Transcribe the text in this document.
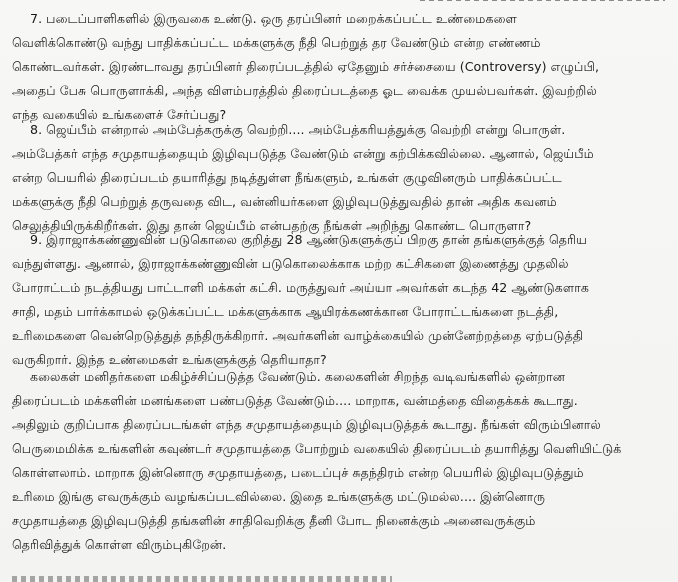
7. படைப்பாளிகளில் இருவகை உண்டு. ஒரு தரப்பினர் மறைக்கப்பட்ட உண்மைகளை
வெளிக்கொண்டு வந்து பாதிக்கப்பட்ட மக்களுக்கு நீதி பெற்றுத் தர வேண்டும் என்ற எண்ணம்
கொண்டவர்கள். இரண்டாவது தரப்பினர் திரைப்படத்தில் ஏதேனும் சர்ச்சையை (Controversy) எழுப்பி,
அதைப் பேசு பொருளாக்கி, அந்த விளம்பரத்தில் திரைப்படத்தை ஓட வைக்க முயல்பவர்கள். இவற்றில்
எந்த வகையில் உங்களைச் சேர்ப்பது?
8. ஜெய்பீம் என்றால் அம்பேத்கருக்கு வெற்றி.... அம்பேத்கரியத்துக்கு வெற்றி என்று பொருள்.
அம்பேத்கர் எந்த சமுதாயத்தையும் இழிவுபடுத்த வேண்டும் என்று கற்பிக்கவில்லை. ஆனால், ஜெய்பீம்
என்ற பெயரில் திரைப்படம் தயாரித்து நடித்துள்ள நீங்களும், உங்கள் குழுவினரும் பாதிக்கப்பட்ட
மக்களுக்கு நீதி பெற்றுத் தருவதை விட, வன்னியர்களை இழிவுபடுத்துவதில் தான் அதிக கவனம்
செலுத்தியிருக்கிறீர்கள். இது தான் ஜெய்பீம் என்பதற்கு நீங்கள் அறிந்து கொண்ட பொருளா?
9. இராஜாக்கண்ணுவின் படுகொலை குறித்து 28 ஆண்டுகளுக்குப் பிறகு தான் தங்களுக்குத் தெரிய
வந்துள்ளது. ஆனால், இராஜாக்கண்ணுவின் படுகொலைக்காக மற்ற கட்சிகளை இணைத்து முதலில்
போராட்டம் நடத்தியது பாட்டாளி மக்கள் கட்சி. மருத்துவர் அய்யா அவர்கள் கடந்த 42 ஆண்டுகளாக
சாதி, மதம் பார்க்காமல் ஒடுக்கப்பட்ட மக்களுக்காக ஆயிரக்கணக்கான போராட்டங்களை நடத்தி,
உரிமைகளை வென்றெடுத்துத் தந்திருக்கிறார். அவர்களின் வாழ்க்கையில் முன்னேற்றத்தை ஏற்படுத்தி
வருகிறார். இந்த உண்மைகள் உங்களுக்குத் தெரியாதா?
கலைகள் மனிதர்களை மகிழ்ச்சிப்படுத்த வேண்டும். கலைகளின் சிறந்த வடிவங்களில் ஒன்றான
திரைப்படம் மக்களின் மனங்களை பண்படுத்த வேண்டும்.... மாறாக, வன்மத்தை விதைக்கக் கூடாது.
அதிலும் குறிப்பாக திரைப்படங்கள் எந்த சமுதாயத்தையும் இழிவுபடுத்தக் கூடாது. நீங்கள் விரும்பினால்
பெருமைமிக்க உங்களின் கவுண்டர் சமுதாயத்தை போற்றும் வகையில் திரைப்படம் தயாரித்து வெளியிட்டுக்
கொள்ளலாம். மாறாக இன்னொரு சமுதாயத்தை, படைப்புச் சுதந்திரம் என்ற பெயரில் இழிவுபடுத்தும்
உரிமை இங்கு எவருக்கும் வழங்கப்படவில்லை. இதை உங்களுக்கு மட்டுமல்ல.... இன்னொரு
சமுதாயத்தை இழிவுபடுத்தி தங்களின் சாதிவெறிக்கு தீனி போட நினைக்கும் அனைவருக்கும்
தெரிவித்துக் கொள்ள விரும்புகிறேன்.
